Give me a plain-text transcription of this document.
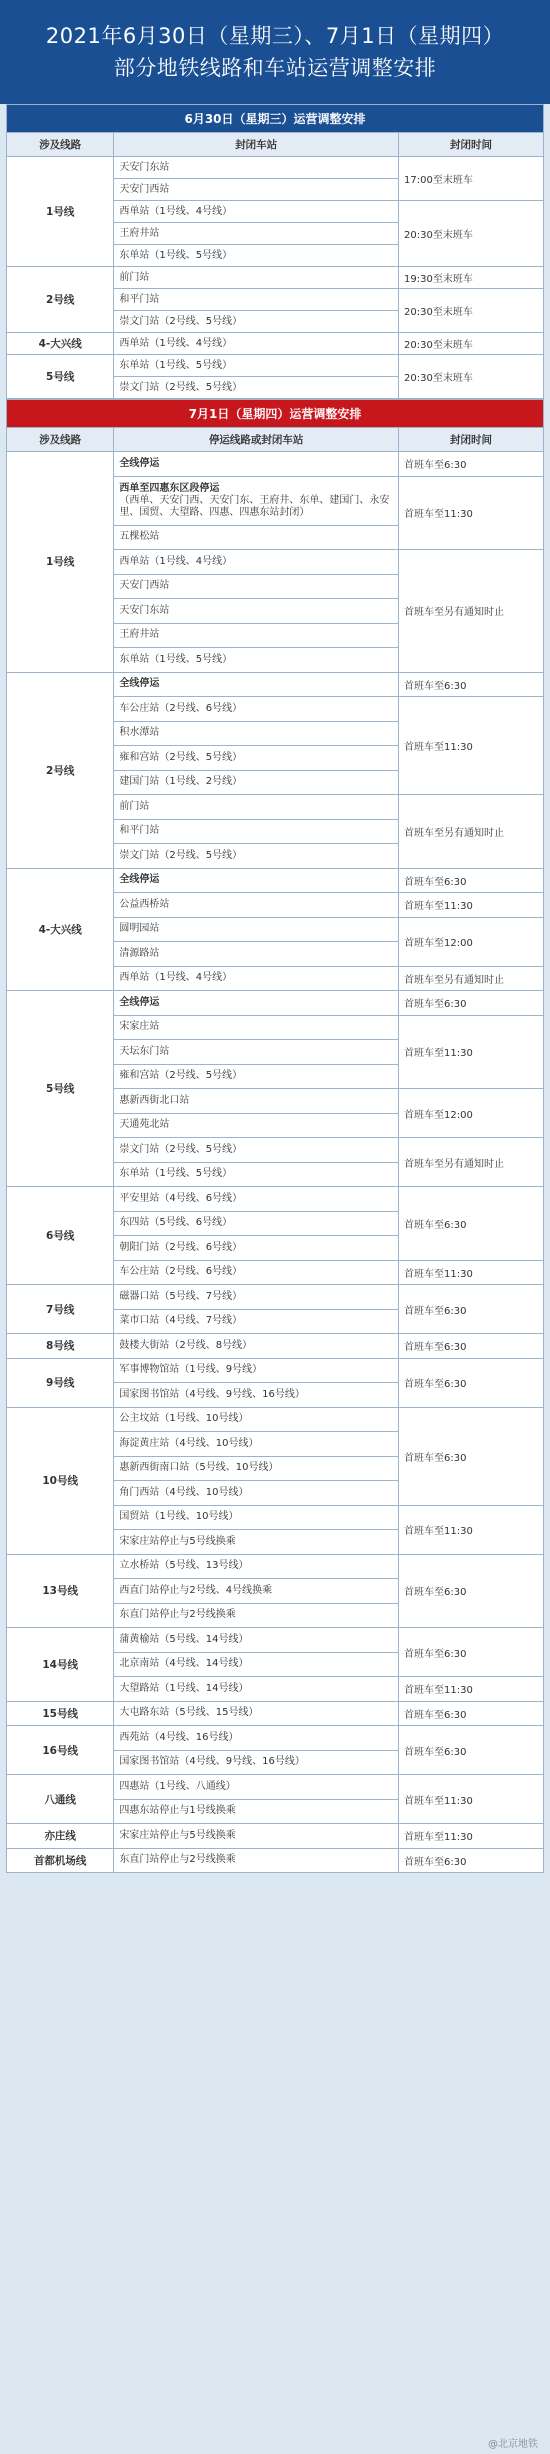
2021年6月30日（星期三）、7月1日（星期四）
部分地铁线路和车站运营调整安排
6月30日（星期三）运营调整安排		
涉及线路	封闭车站	封闭时间
1号线	天安门东站	17:00至末班车

	天安门西站	

	西单站（1号线、4号线）	20:30至末班车

	王府井站	

	东单站（1号线、5号线）	

2号线	前门站	19:30至末班车

	和平门站	20:30至末班车

	崇文门站（2号线、5号线）	

4-大兴线	西单站（1号线、4号线）	20:30至末班车
5号线	东单站（1号线、5号线）	20:30至末班车

	崇文门站（2号线、5号线）	
7月1日（星期四）运营调整安排		
涉及线路	停运线路或封闭车站	封闭时间
1号线	全线停运	首班车至6:30

	西单至四惠东区段停运
（西单、天安门西、天安门东、王府井、东单、建国门、永安里、国贸、大望路、四惠、四惠东站封闭）	首班车至11:30

	五棵松站	

	西单站（1号线、4号线）	首班车至另有通知时止

	天安门西站	

	天安门东站	

	王府井站	

	东单站（1号线、5号线）	

2号线	全线停运	首班车至6:30

	车公庄站（2号线、6号线）	首班车至11:30

	积水潭站	

	雍和宫站（2号线、5号线）	

	建国门站（1号线、2号线）	

	前门站	首班车至另有通知时止

	和平门站	

	崇文门站（2号线、5号线）	

4-大兴线	全线停运	首班车至6:30

	公益西桥站	首班车至11:30

	圆明园站	首班车至12:00

	清源路站	

	西单站（1号线、4号线）	首班车至另有通知时止
5号线	全线停运	首班车至6:30

	宋家庄站	首班车至11:30

	天坛东门站	

	雍和宫站（2号线、5号线）	

	惠新西街北口站	首班车至12:00

	天通苑北站	

	崇文门站（2号线、5号线）	首班车至另有通知时止

	东单站（1号线、5号线）	

6号线	平安里站（4号线、6号线）	首班车至6:30

	东四站（5号线、6号线）	

	朝阳门站（2号线、6号线）	

	车公庄站（2号线、6号线）	首班车至11:30
7号线	磁器口站（5号线、7号线）	首班车至6:30

	菜市口站（4号线、7号线）	

8号线	鼓楼大街站（2号线、8号线）	首班车至6:30
9号线	军事博物馆站（1号线、9号线）	首班车至6:30

	国家图书馆站（4号线、9号线、16号线）	

10号线	公主坟站（1号线、10号线）	首班车至6:30

	海淀黄庄站（4号线、10号线）	

	惠新西街南口站（5号线、10号线）	

	角门西站（4号线、10号线）	

	国贸站（1号线、10号线）	首班车至11:30

	宋家庄站停止与5号线换乘	

13号线	立水桥站（5号线、13号线）	首班车至6:30

	西直门站停止与2号线、4号线换乘	

	东直门站停止与2号线换乘	

14号线	蒲黄榆站（5号线、14号线）	首班车至6:30

	北京南站（4号线、14号线）	

	大望路站（1号线、14号线）	首班车至11:30
15号线	大屯路东站（5号线、15号线）	首班车至6:30
16号线	西苑站（4号线、16号线）	首班车至6:30

	国家图书馆站（4号线、9号线、16号线）	

八通线	四惠站（1号线、八通线）	首班车至11:30

	四惠东站停止与1号线换乘	

亦庄线	宋家庄站停止与5号线换乘	首班车至11:30
首都机场线	东直门站停止与2号线换乘	首班车至6:30
@北京地铁
